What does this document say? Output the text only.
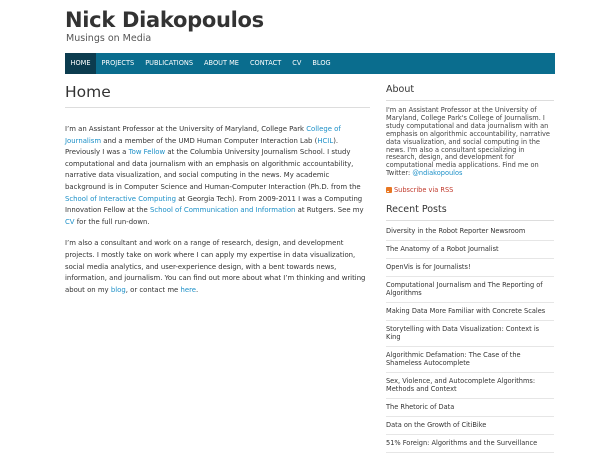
Nick Diakopoulos
Musings on Media
HOME	PROJECTS	PUBLICATIONS	ABOUT ME	CONTACT	CV	BLOG
Home

I’m an Assistant Professor at the University of Maryland, College Park College of Journalism and a member of the UMD Human Computer Interaction Lab (HCIL). Previously I was a Tow Fellow at the Columbia University Journalism School. I study computational and data journalism with an emphasis on algorithmic accountability, narrative data visualization, and social computing in the news. My academic background is in Computer Science and Human-Computer Interaction (Ph.D. from the School of Interactive Computing at Georgia Tech). From 2009-2011 I was a Computing Innovation Fellow at the School of Communication and Information at Rutgers. See my CV for the full run-down.

I’m also a consultant and work on a range of research, design, and development projects. I mostly take on work where I can apply my expertise in data visualization, social media analytics, and user-experience design, with a bent towards news, information, and journalism. You can find out more about what I’m thinking and writing about on my blog, or contact me here.

About

I'm an Assistant Professor at the University of Maryland, College Park's College of Journalism. I study computational and data journalism with an emphasis on algorithmic accountability, narrative data visualization, and social computing in the news. I'm also a consultant specializing in research, design, and development for computational media applications. Find me on Twitter: @ndiakopoulos

Subscribe via RSS
Recent Posts
Diversity in the Robot Reporter Newsroom
The Anatomy of a Robot Journalist
OpenVis is for Journalists!
Computational Journalism and The Reporting of Algorithms
Making Data More Familiar with Concrete Scales
Storytelling with Data Visualization: Context is King
Algorithmic Defamation: The Case of the Shameless Autocomplete
Sex, Violence, and Autocomplete Algorithms: Methods and Context
The Rhetoric of Data
Data on the Growth of CitiBike
51% Foreign: Algorithms and the Surveillance
